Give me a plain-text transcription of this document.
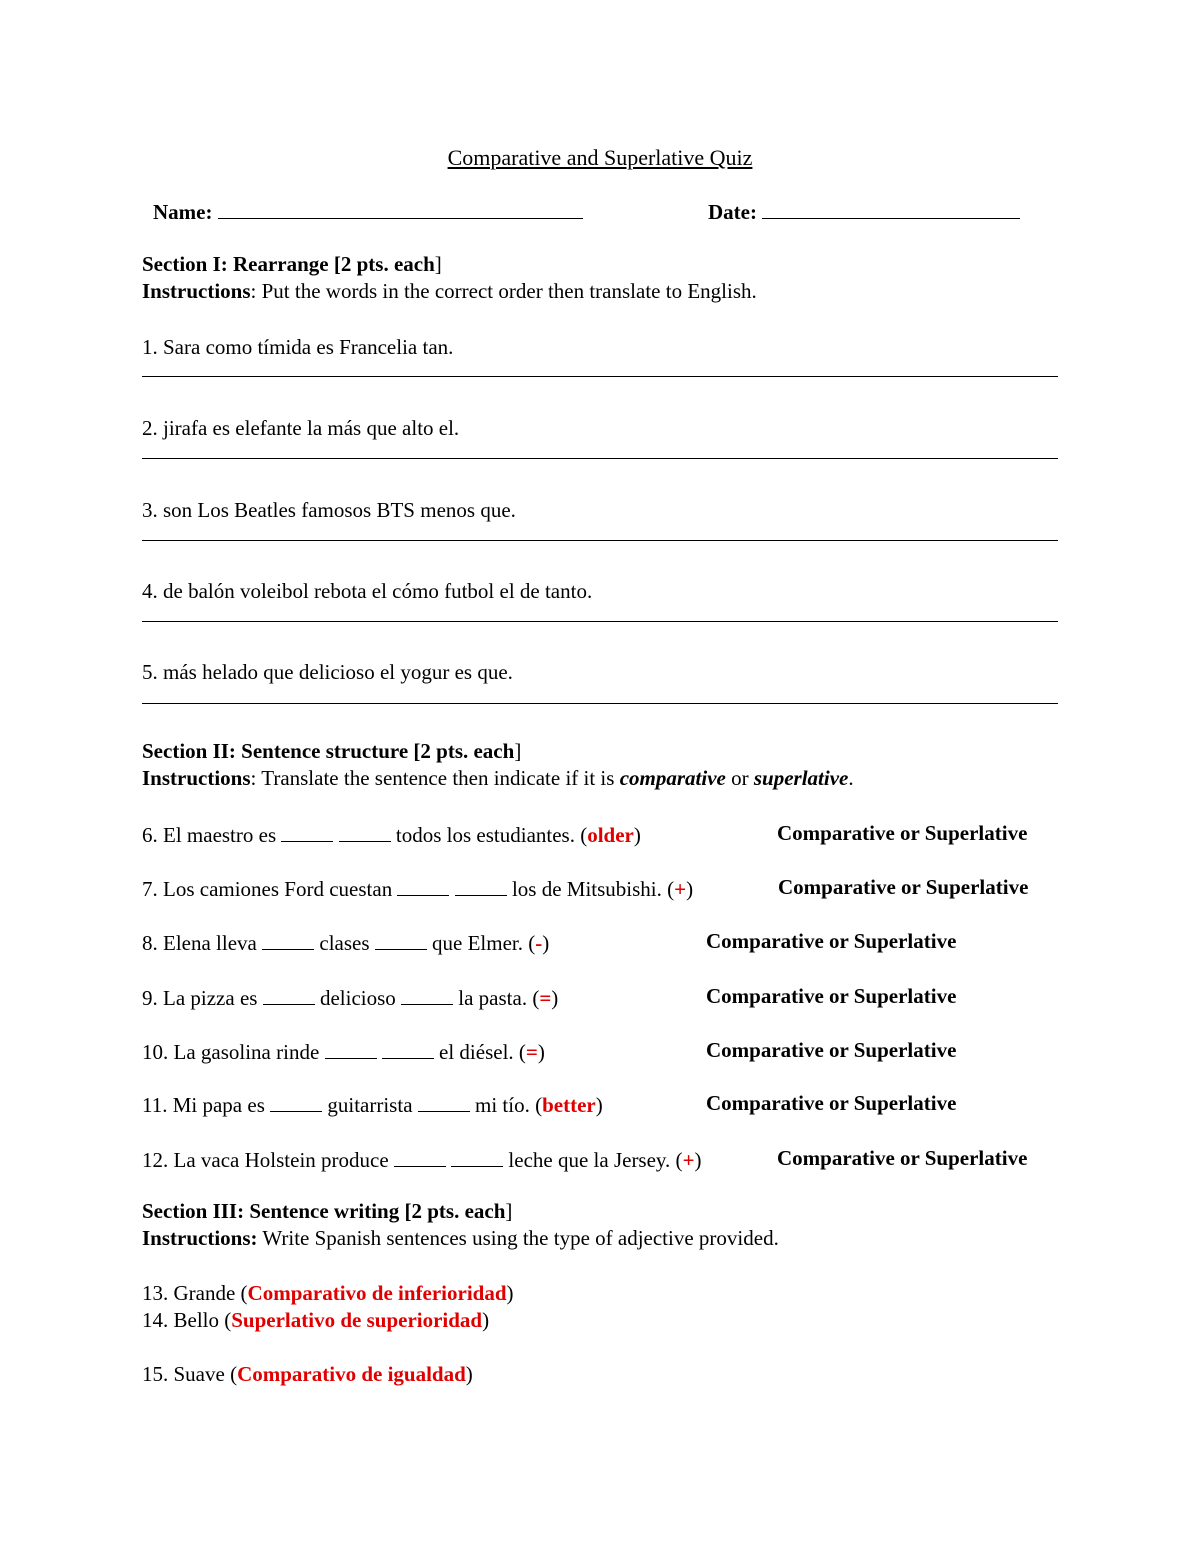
Comparative and Superlative Quiz
Name:	Date:
Section I: Rearrange [2 pts. each]
Instructions: Put the words in the correct order then translate to English.
1. Sara como tímida es Francelia tan.
2. jirafa es elefante la más que alto el.
3. son Los Beatles famosos BTS menos que.
4. de balón voleibol rebota el cómo futbol el de tanto.
5. más helado que delicioso el yogur es que.
Section II: Sentence structure [2 pts. each]
Instructions: Translate the sentence then indicate if it is comparative or superlative.
6. El maestro es	todos los estudiantes. (older)	Comparative or Superlative
7. Los camiones Ford cuestan	los de Mitsubishi. (+)	Comparative or Superlative
8. Elena lleva	clases	que Elmer. (-)	Comparative or Superlative
9. La pizza es	delicioso	la pasta. (=)	Comparative or Superlative
10. La gasolina rinde	el diésel. (=)	Comparative or Superlative
11. Mi papa es	guitarrista	mi tío. (better)	Comparative or Superlative
12. La vaca Holstein produce	leche que la Jersey. (+)	Comparative or Superlative
Section III: Sentence writing [2 pts. each]
Instructions: Write Spanish sentences using the type of adjective provided.
13. Grande (Comparativo de inferioridad)
14. Bello (Superlativo de superioridad)
15. Suave (Comparativo de igualdad)
